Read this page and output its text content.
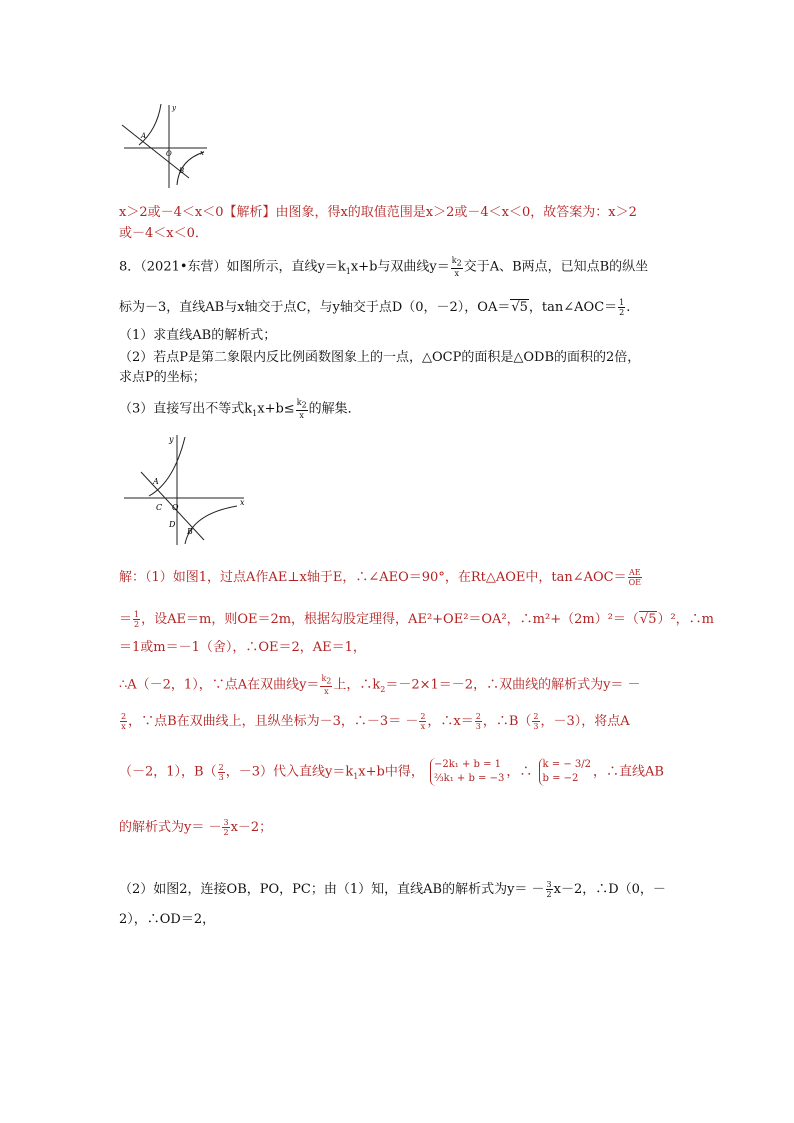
y
A
O	x
B
x＞2或－4＜x＜0【解析】由图象，得x的取值范围是x＞2或－4＜x＜0，故答案为：x＞2
或－4＜x＜0．
8．（2021•东营）如图所示，直线$y=k_1x+b$与双曲线$y= \frac{k_2}{x}$ 交于A、B两点，已知点B的纵坐
标为－3，直线AB与x轴交于点C，与y轴交于点D（0，－2），OA＝√5，tan∠AOC＝ $\frac{1}{2}$ .
（1）求直线AB的解析式；
（2）若点P是第二象限内反比例函数图象上的一点，△OCP的面积是△ODB的面积的2倍，
求点P的坐标；
（3）直接写出不等式$k_1x+b\le \frac{k_2}{x}$ 的解集．
y
A
C O
D
B
x
解：（1）如图1，过点A作AE⊥x轴于E，∴∠AEO＝90°，在Rt△AOE中，tan∠AOC＝ $\frac{AE}{OE}$
＝ $\frac{1}{2}$ ，设AE＝m，则OE＝2m，根据勾股定理得，AE²+OE²＝OA²，∴m²+（2m）²＝（√5）²，∴m
＝1或m＝－1（舍），∴OE＝2，AE＝1，
∴A（－2，1），∵点A在双曲线$y= \frac{k_2}{x}$ 上，$\therefore k_2=-2\times 1=-2$，∴双曲线的解析式为y＝ －
$\frac{2}{x}$ ，∵点B在双曲线上，且纵坐标为－3，∴－3＝ － $\frac{2}{x}$ ，∴x＝ $\frac{2}{3}$ ，∴B（ $\frac{2}{3}$ ，－3），将点A
（－2，1），$B( \frac{2}{3}$ ，－3）代入直线$y=k_1x+b$中得， −2k₁ + b = 1
⅔k₁ + b = −3 ，∴ k = − 3/2
b = −2	，∴直线AB
的解析式为$y= - \frac{3}{2} x-2$；
（2）如图2，连接OB，PO，PC；由（1）知，直线AB的解析式为$y= - \frac{3}{2} x-2$，∴D（0，－
2），∴OD＝2，
